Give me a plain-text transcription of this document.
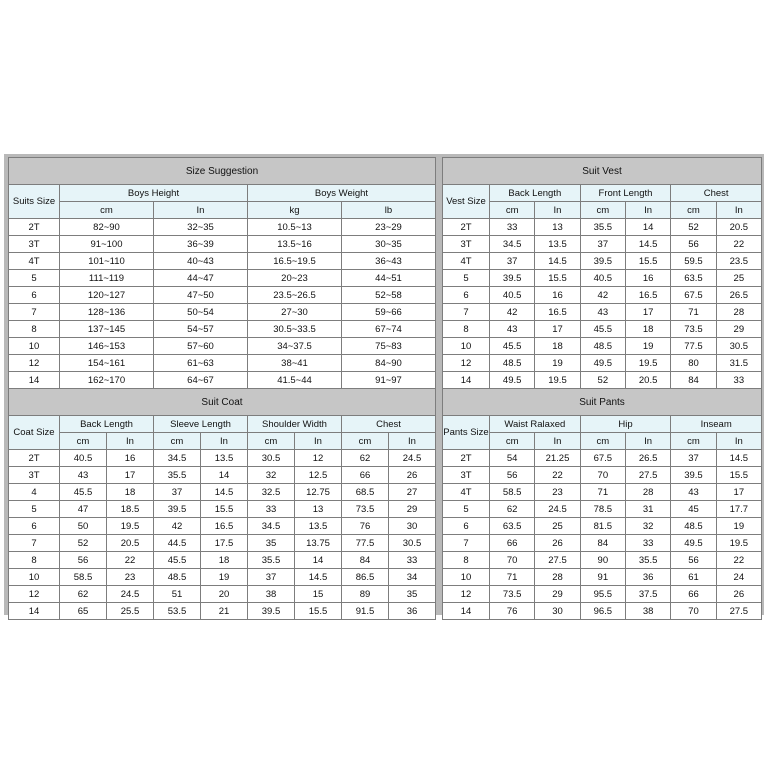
Size Suggestion				
Suits Size	Boys Height		Boys Weight	
	cm	In	kg	lb
2T	82~90	32~35	10.5~13	23~29
3T	91~100	36~39	13.5~16	30~35
4T	101~110	40~43	16.5~19.5	36~43
5	111~119	44~47	20~23	44~51
6	120~127	47~50	23.5~26.5	52~58
7	128~136	50~54	27~30	59~66
8	137~145	54~57	30.5~33.5	67~74
10	146~153	57~60	34~37.5	75~83
12	154~161	61~63	38~41	84~90
14	162~170	64~67	41.5~44	91~97
Suit Vest						
Vest Size	Back Length		Front Length		Chest	
	cm	In	cm	In	cm	In
2T	33	13	35.5	14	52	20.5
3T	34.5	13.5	37	14.5	56	22
4T	37	14.5	39.5	15.5	59.5	23.5
5	39.5	15.5	40.5	16	63.5	25
6	40.5	16	42	16.5	67.5	26.5
7	42	16.5	43	17	71	28
8	43	17	45.5	18	73.5	29
10	45.5	18	48.5	19	77.5	30.5
12	48.5	19	49.5	19.5	80	31.5
14	49.5	19.5	52	20.5	84	33
Suit Coat								
Coat Size	Back Length		Sleeve Length		Shoulder Width		Chest	
	cm	In	cm	In	cm	In	cm	In
2T	40.5	16	34.5	13.5	30.5	12	62	24.5
3T	43	17	35.5	14	32	12.5	66	26
4	45.5	18	37	14.5	32.5	12.75	68.5	27
5	47	18.5	39.5	15.5	33	13	73.5	29
6	50	19.5	42	16.5	34.5	13.5	76	30
7	52	20.5	44.5	17.5	35	13.75	77.5	30.5
8	56	22	45.5	18	35.5	14	84	33
10	58.5	23	48.5	19	37	14.5	86.5	34
12	62	24.5	51	20	38	15	89	35
14	65	25.5	53.5	21	39.5	15.5	91.5	36
Suit Pants						
Pants Size	Waist Ralaxed		Hip		Inseam	
	cm	In	cm	In	cm	In
2T	54	21.25	67.5	26.5	37	14.5
3T	56	22	70	27.5	39.5	15.5
4T	58.5	23	71	28	43	17
5	62	24.5	78.5	31	45	17.7
6	63.5	25	81.5	32	48.5	19
7	66	26	84	33	49.5	19.5
8	70	27.5	90	35.5	56	22
10	71	28	91	36	61	24
12	73.5	29	95.5	37.5	66	26
14	76	30	96.5	38	70	27.5
